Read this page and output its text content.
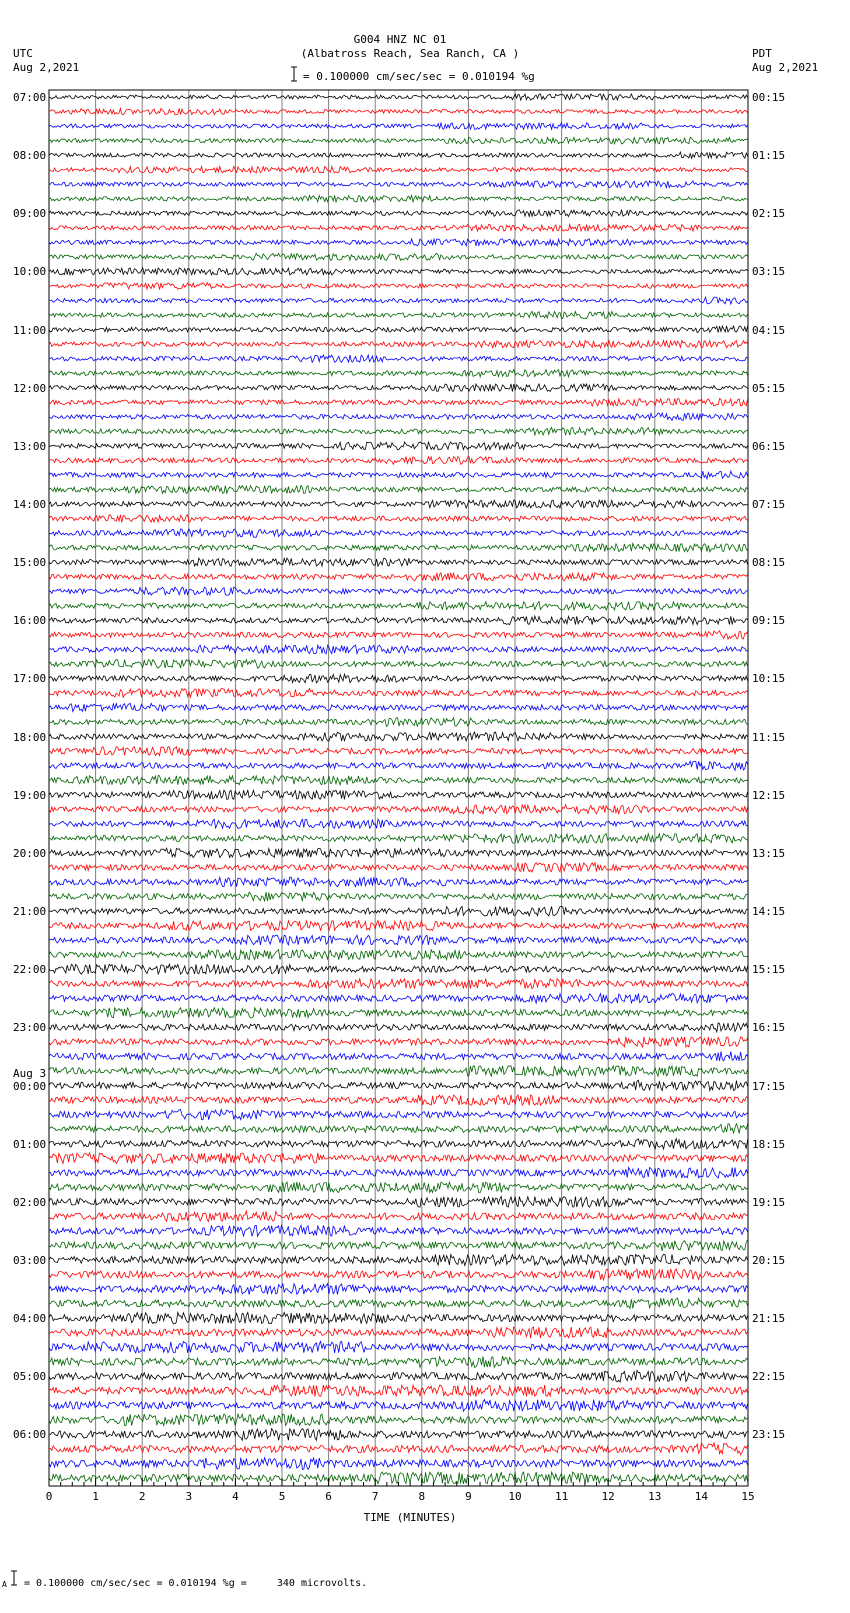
G004 HNZ NC 01
(Albatross Reach, Sea Ranch, CA )
UTC
Aug 2,2021
PDT
Aug 2,2021
= 0.100000 cm/sec/sec = 0.010194 %g
0	1	2	3	4	5	6	7	8	9	10	11	12	13	14	15
07:00
08:00
09:00
10:00
11:00
12:00
13:00
14:00
15:00
16:00
17:00
18:00
19:00
20:00
21:00
22:00
23:00
Aug 3
00:00
01:00
02:00
03:00
04:00
05:00
06:00
00:15
01:15
02:15
03:15
04:15
05:15
06:15
07:15
08:15
09:15
10:15
11:15
12:15
13:15
14:15
15:15
16:15
17:15
18:15
19:15
20:15
21:15
22:15
23:15
TIME (MINUTES)
A = 0.100000 cm/sec/sec = 0.010194 %g =     340 microvolts.
